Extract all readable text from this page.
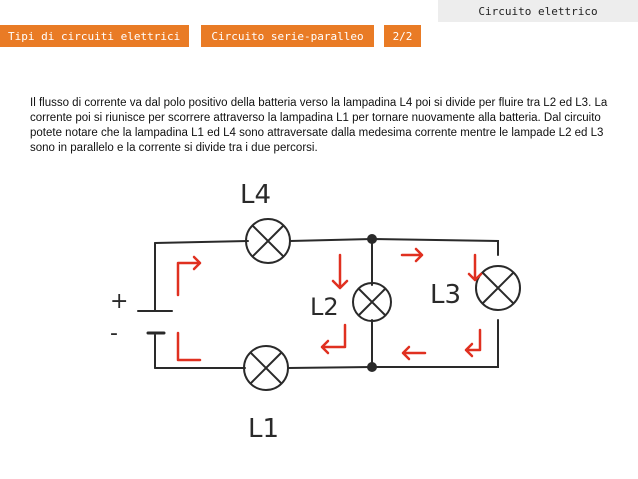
Circuito elettrico
Tipi di circuiti elettrici	Circuito serie-paralleo	2/2
Il flusso di corrente va dal polo positivo della batteria verso la lampadina L4 poi si divide per fluire tra L2 ed L3. La corrente poi si riunisce per scorrere attraverso la lampadina L1 per tornare nuovamente alla batteria. Dal circuito potete notare che la lampadina L1 ed L4 sono attraversate dalla medesima corrente mentre le lampade L2 ed L3 sono in parallelo e la corrente si divide tra i due percorsi.
L4
L2	L3
L1
+
-
